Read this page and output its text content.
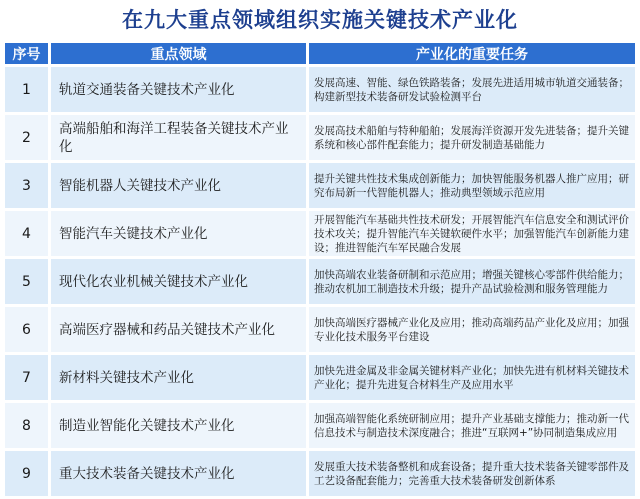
在九大重点领域组织实施关键技术产业化
序号	重点领域	产业化的重要任务
1	轨道交通装备关键技术产业化	发展高速、智能、绿色铁路装备；发展先进适用城市轨道交通装备；构建新型技术装备研发试验检测平台
2	高端船舶和海洋工程装备关键技术产业化	发展高技术船舶与特种船舶；发展海洋资源开发先进装备；提升关键系统和核心部件配套能力；提升研发制造基础能力
3	智能机器人关键技术产业化	提升关键共性技术集成创新能力；加快智能服务机器人推广应用；研究布局新一代智能机器人；推动典型领域示范应用
4	智能汽车关键技术产业化	开展智能汽车基础共性技术研发；开展智能汽车信息安全和测试评价技术攻关；提升智能汽车关键软硬件水平；加强智能汽车创新能力建设；推进智能汽车军民融合发展
5	现代化农业机械关键技术产业化	加快高端农业装备研制和示范应用；增强关键核心零部件供给能力；推动农机加工制造技术升级；提升产品试验检测和服务管理能力
6	高端医疗器械和药品关键技术产业化	加快高端医疗器械产业化及应用；推动高端药品产业化及应用；加强专业化技术服务平台建设
7	新材料关键技术产业化	加快先进金属及非金属关键材料产业化；加快先进有机材料关键技术产业化；提升先进复合材料生产及应用水平
8	制造业智能化关键技术产业化	加强高端智能化系统研制应用；提升产业基础支撑能力；推动新一代信息技术与制造技术深度融合；推进“互联网+”协同制造集成应用
9	重大技术装备关键技术产业化	发展重大技术装备整机和成套设备；提升重大技术装备关键零部件及工艺设备配套能力；完善重大技术装备研发创新体系
